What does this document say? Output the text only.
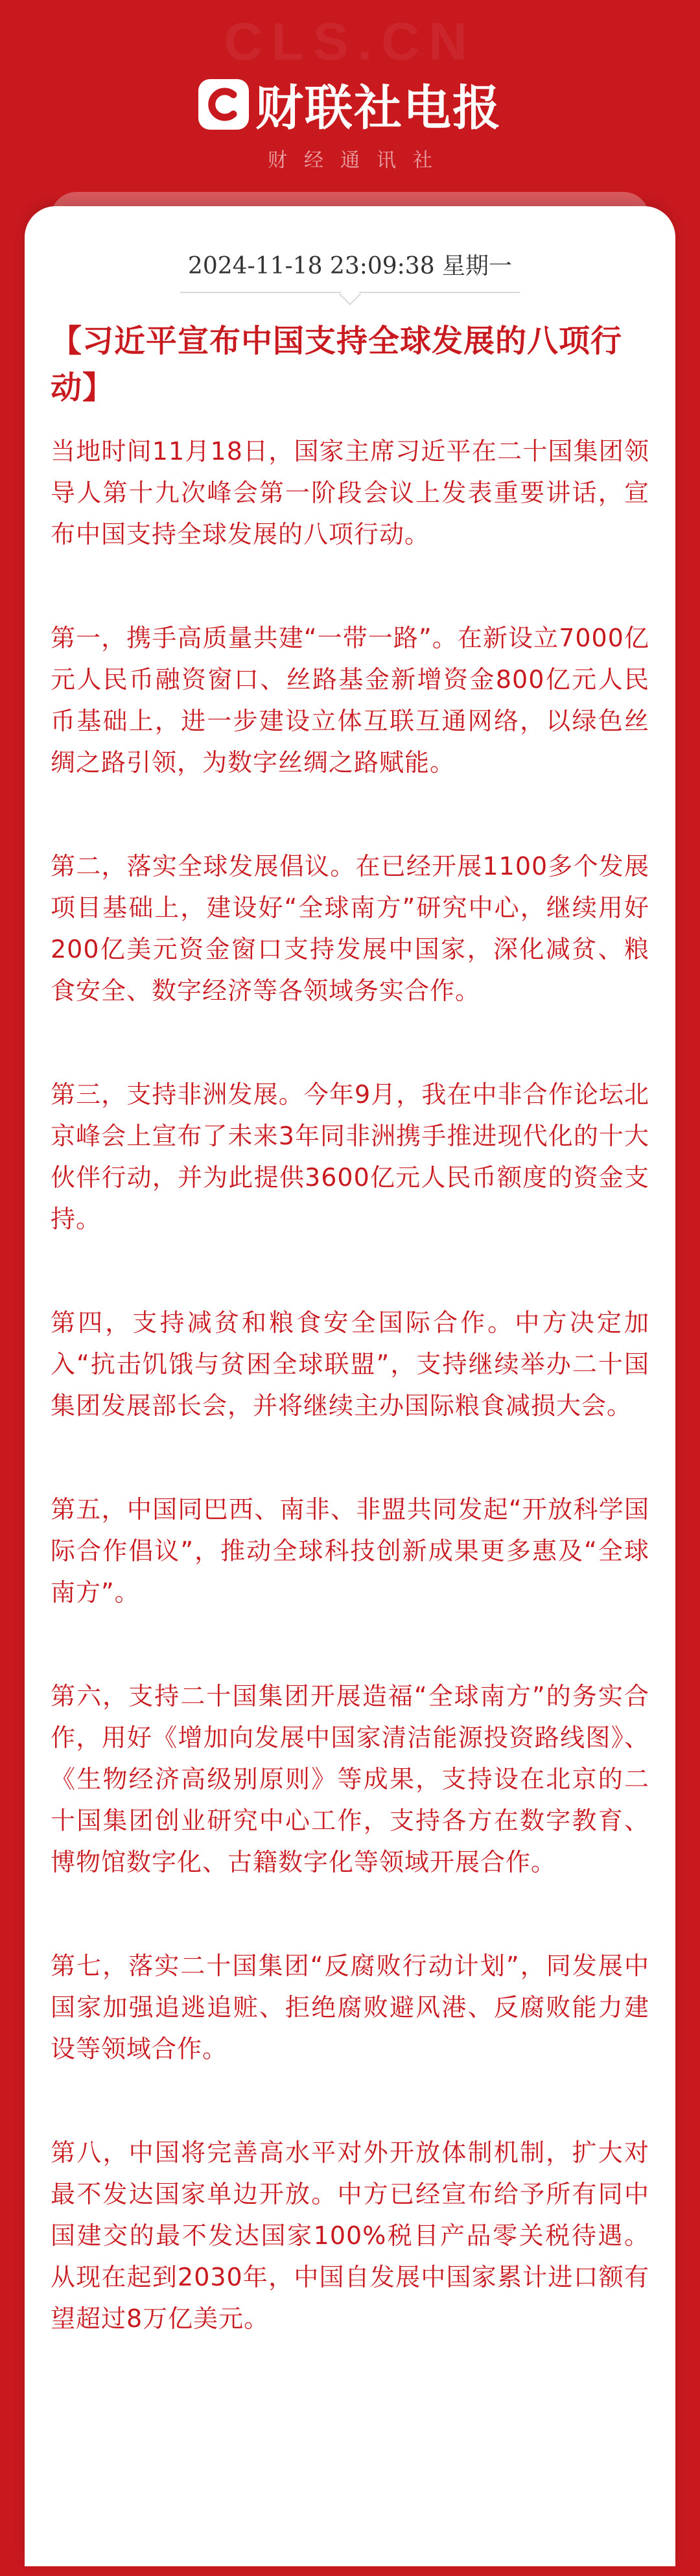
CLS.CN
财联社电报
财经通讯社
2024-11-18 23:09:38 星期一
【习近平宣布中国支持全球发展的八项行动】

当地时间11月18日，国家主席习近平在二十国集团领导人第十九次峰会第一阶段会议上发表重要讲话，宣布中国支持全球发展的八项行动。

第一，携手高质量共建“一带一路”。在新设立7000亿元人民币融资窗口、丝路基金新增资金800亿元人民币基础上，进一步建设立体互联互通网络，以绿色丝绸之路引领，为数字丝绸之路赋能。

第二，落实全球发展倡议。在已经开展1100多个发展项目基础上，建设好“全球南方”研究中心，继续用好200亿美元资金窗口支持发展中国家，深化减贫、粮食安全、数字经济等各领域务实合作。

第三，支持非洲发展。今年9月，我在中非合作论坛北京峰会上宣布了未来3年同非洲携手推进现代化的十大伙伴行动，并为此提供3600亿元人民币额度的资金支持。

第四，支持减贫和粮食安全国际合作。中方决定加入“抗击饥饿与贫困全球联盟”，支持继续举办二十国集团发展部长会，并将继续主办国际粮食减损大会。

第五，中国同巴西、南非、非盟共同发起“开放科学国际合作倡议”，推动全球科技创新成果更多惠及“全球南方”。

第六，支持二十国集团开展造福“全球南方”的务实合作，用好《增加向发展中国家清洁能源投资路线图》、《生物经济高级别原则》等成果，支持设在北京的二十国集团创业研究中心工作，支持各方在数字教育、博物馆数字化、古籍数字化等领域开展合作。

第七，落实二十国集团“反腐败行动计划”，同发展中国家加强追逃追赃、拒绝腐败避风港、反腐败能力建设等领域合作。

第八，中国将完善高水平对外开放体制机制，扩大对最不发达国家单边开放。中方已经宣布给予所有同中国建交的最不发达国家100%税目产品零关税待遇。从现在起到2030年，中国自发展中国家累计进口额有望超过8万亿美元。
